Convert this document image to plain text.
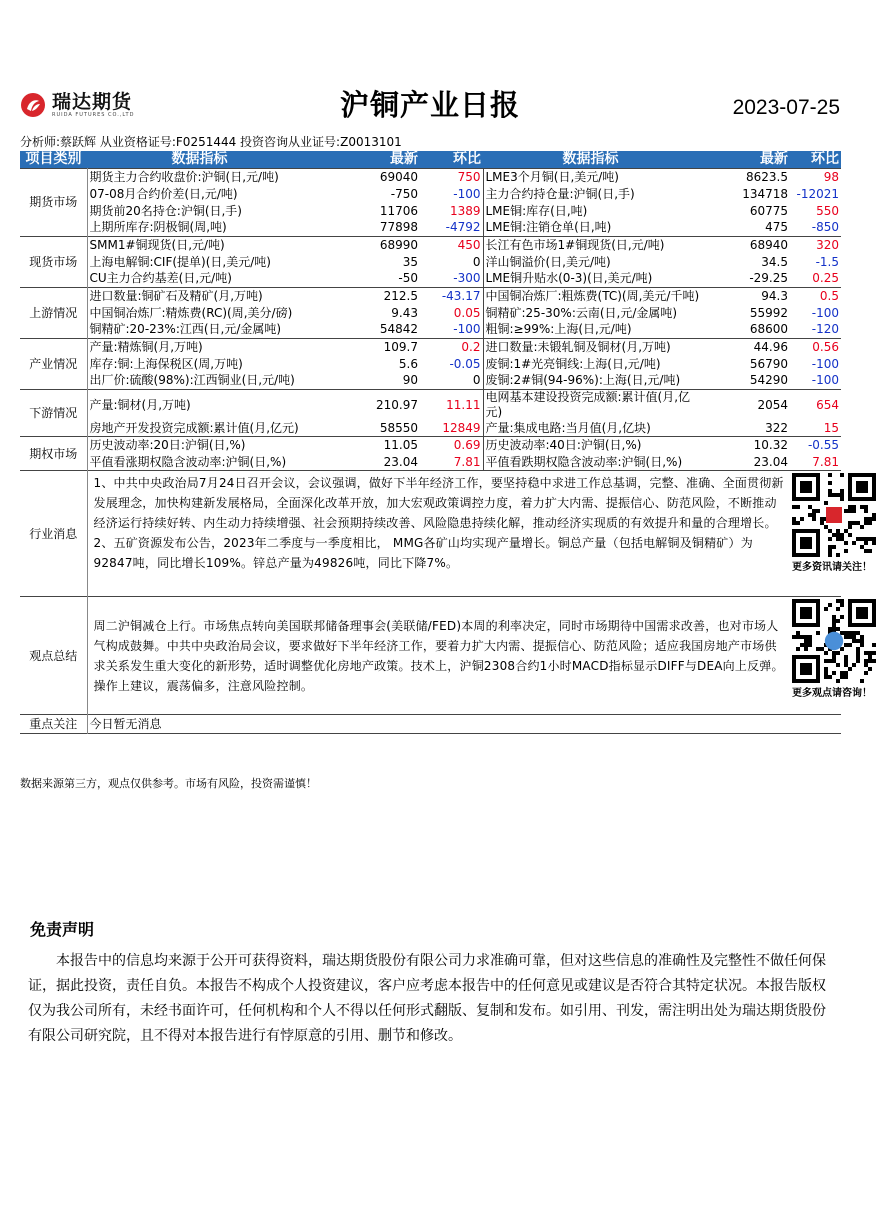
瑞达期货
RUIDA FUTURES CO.,LTD	沪铜产业日报	2023-07-25
分析师:蔡跃辉 从业资格证号:F0251444 投资咨询从业证号:Z0013101
项目类别	数据指标	最新	环比	数据指标	最新	环比
期货市场	期货主力合约收盘价:沪铜(日,元/吨)	69040	750	LME3个月铜(日,美元/吨)	8623.5	98
	07-08月合约价差(日,元/吨)	-750	-100	主力合约持仓量:沪铜(日,手)	134718	-12021
	期货前20名持仓:沪铜(日,手)	11706	1389	LME铜:库存(日,吨)	60775	550
	上期所库存:阴极铜(周,吨)	77898	-4792	LME铜:注销仓单(日,吨)	475	-850
现货市场	SMM1#铜现货(日,元/吨)	68990	450	长江有色市场1#铜现货(日,元/吨)	68940	320
	上海电解铜:CIF(提单)(日,美元/吨)	35	0	洋山铜溢价(日,美元/吨)	34.5	-1.5
	CU主力合约基差(日,元/吨)	-50	-300	LME铜升贴水(0-3)(日,美元/吨)	-29.25	0.25
上游情况	进口数量:铜矿石及精矿(月,万吨)	212.5	-43.17	中国铜冶炼厂:粗炼费(TC)(周,美元/千吨)	94.3	0.5
	中国铜冶炼厂:精炼费(RC)(周,美分/磅)	9.43	0.05	铜精矿:25-30%:云南(日,元/金属吨)	55992	-100
	铜精矿:20-23%:江西(日,元/金属吨)	54842	-100	粗铜:≥99%:上海(日,元/吨)	68600	-120
产业情况	产量:精炼铜(月,万吨)	109.7	0.2	进口数量:未锻轧铜及铜材(月,万吨)	44.96	0.56
	库存:铜:上海保税区(周,万吨)	5.6	-0.05	废铜:1#光亮铜线:上海(日,元/吨)	56790	-100
	出厂价:硫酸(98%):江西铜业(日,元/吨)	90	0	废铜:2#铜(94-96%):上海(日,元/吨)	54290	-100
下游情况	产量:铜材(月,万吨)	210.97	11.11	电网基本建设投资完成额:累计值(月,亿元)	2054	654
	房地产开发投资完成额:累计值(月,亿元)	58550	12849	产量:集成电路:当月值(月,亿块)	322	15
期权市场	历史波动率:20日:沪铜(日,%)	11.05	0.69	历史波动率:40日:沪铜(日,%)	10.32	-0.55
	平值看涨期权隐含波动率:沪铜(日,%)	23.04	7.81	平值看跌期权隐含波动率:沪铜(日,%)	23.04	7.81
行业消息	1、中共中央政治局7月24日召开会议，会议强调，做好下半年经济工作，要坚持稳中求进工作总基调，完整、准确、全面贯彻新发展理念，加快构建新发展格局，全面深化改革开放，加大宏观政策调控力度，着力扩大内需、提振信心、防范风险，不断推动经济运行持续好转、内生动力持续增强、社会预期持续改善、风险隐患持续化解，推动经济实现质的有效提升和量的合理增长。
2、五矿资源发布公告，2023年二季度与一季度相比， MMG各矿山均实现产量增长。铜总产量（包括电解铜及铜精矿）为92847吨，同比增长109%。锌总产量为49826吨，同比下降7%。					更多资讯请关注！

观点总结	周二沪铜减仓上行。市场焦点转向美国联邦储备理事会(美联储/FED)本周的利率决定，同时市场期待中国需求改善，也对市场人气构成鼓舞。中共中央政治局会议，要求做好下半年经济工作，要着力扩大内需、提振信心、防范风险；适应我国房地产市场供求关系发生重大变化的新形势，适时调整优化房地产政策。技术上，沪铜2308合约1小时MACD指标显示DIFF与DEA向上反弹。操作上建议，震荡偏多，注意风险控制。					更多观点请咨询！

重点关注	今日暂无消息					
数据来源第三方，观点仅供参考。市场有风险，投资需谨慎！
免责声明
本报告中的信息均来源于公开可获得资料，瑞达期货股份有限公司力求准确可靠，但对这些信息的准确性及完整性不做任何保证，据此投资，责任自负。本报告不构成个人投资建议，客户应考虑本报告中的任何意见或建议是否符合其特定状况。本报告版权仅为我公司所有，未经书面许可，任何机构和个人不得以任何形式翻版、复制和发布。如引用、刊发，需注明出处为瑞达期货股份有限公司研究院，且不得对本报告进行有悖原意的引用、删节和修改。
